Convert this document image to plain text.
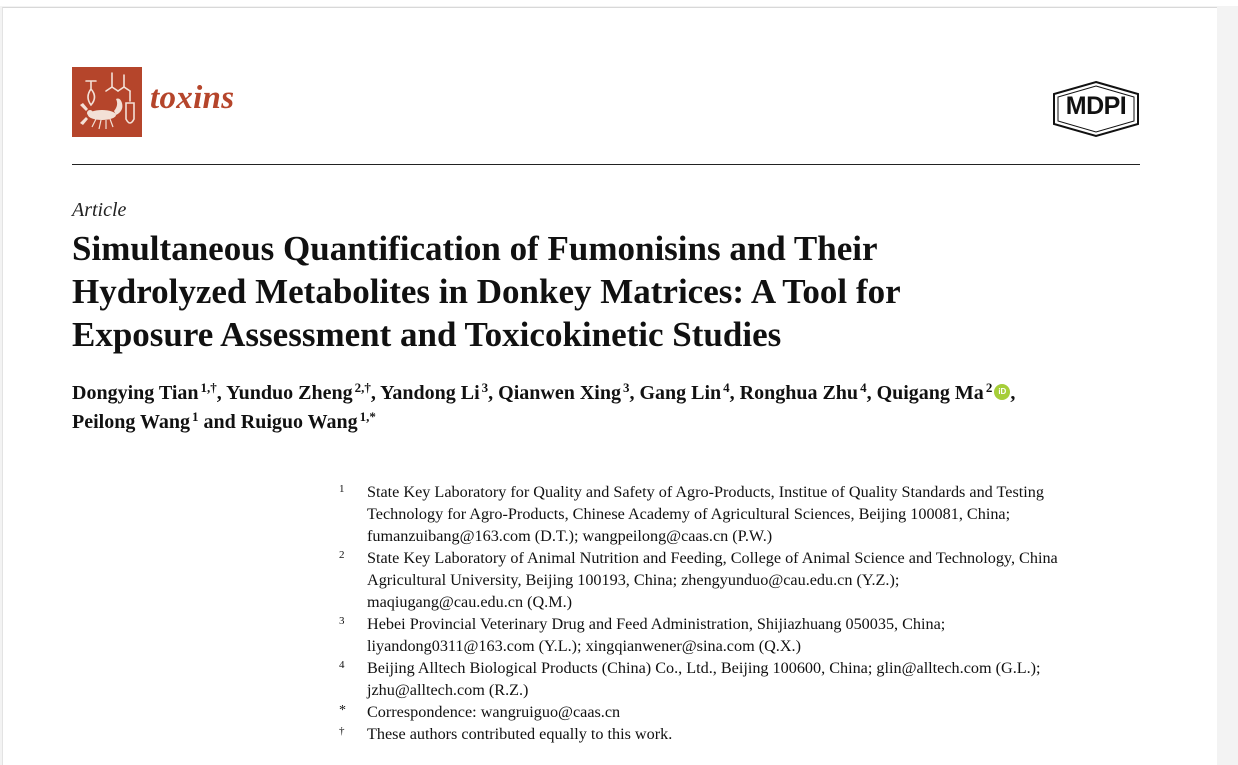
toxins	MDPI
Article
Simultaneous Quantification of Fumonisins and Their
Hydrolyzed Metabolites in Donkey Matrices: A Tool for
Exposure Assessment and Toxicokinetic Studies
Dongying Tian $^{1,\dagger}$, Yunduo Zheng $^{2,\dagger}$, Yandong Li $^3$, Qianwen Xing $^3$, Gang Lin $^4$, Ronghua Zhu $^4$, Quigang Ma $^2$ iD ,
Peilong Wang $^1$ and Ruiguo Wang $^{1,*}$
1 State Key Laboratory for Quality and Safety of Agro-Products, Institue of Quality Standards and Testing
Technology for Agro-Products, Chinese Academy of Agricultural Sciences, Beijing 100081, China;
fumanzuibang@163.com (D.T.); wangpeilong@caas.cn (P.W.)
2 State Key Laboratory of Animal Nutrition and Feeding, College of Animal Science and Technology, China
Agricultural University, Beijing 100193, China; zhengyunduo@cau.edu.cn (Y.Z.);
maqiugang@cau.edu.cn (Q.M.)
3 Hebei Provincial Veterinary Drug and Feed Administration, Shijiazhuang 050035, China;
liyandong0311@163.com (Y.L.); xingqianwener@sina.com (Q.X.)
4 Beijing Alltech Biological Products (China) Co., Ltd., Beijing 100600, China; glin@alltech.com (G.L.);
jzhu@alltech.com (R.Z.)
* Correspondence: wangruiguo@caas.cn
† These authors contributed equally to this work.
